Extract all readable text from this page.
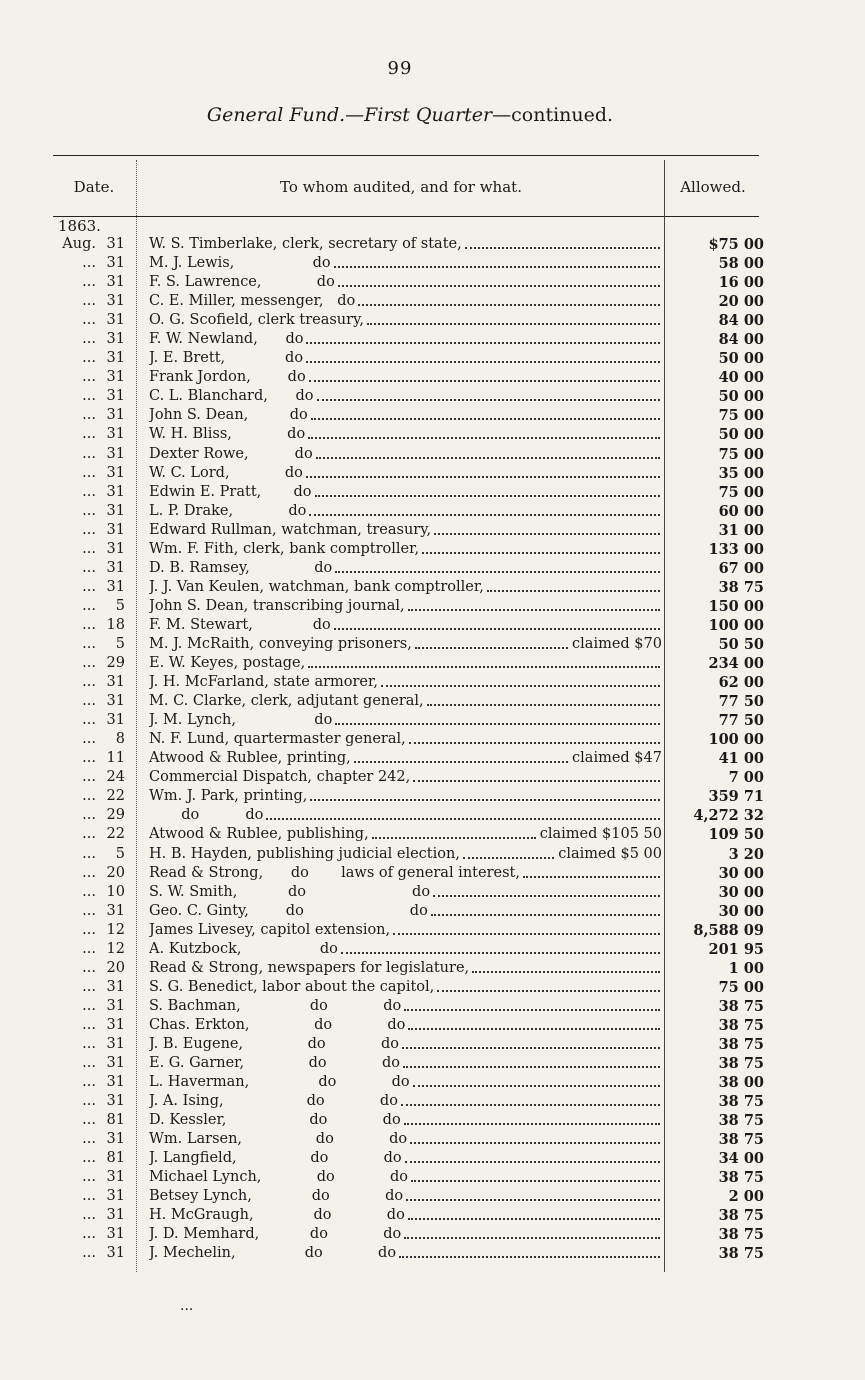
99
General Fund.—First Quarter—continued.
Date.	To whom audited, and for what.	Allowed.
1863.
Aug. 31 W. S. Timberlake, clerk, secretary of state,	$75 00
... 31 M. J. Lewis,                 do	58 00
... 31 F. S. Lawrence,            do	16 00
... 31 C. E. Miller, messenger,   do	20 00
... 31 O. G. Scofield, clerk treasury,	84 00
... 31 F. W. Newland,      do	84 00
... 31 J. E. Brett,             do	50 00
... 31 Frank Jordon,        do	40 00
... 31 C. L. Blanchard,      do	50 00
... 31 John S. Dean,         do	75 00
... 31 W. H. Bliss,            do	50 00
... 31 Dexter Rowe,          do	75 00
... 31 W. C. Lord,            do	35 00
... 31 Edwin E. Pratt,       do	75 00
... 31 L. P. Drake,            do	60 00
... 31 Edward Rullman, watchman, treasury,	31 00
... 31 Wm. F. Fith, clerk, bank comptroller,	133 00
... 31 D. B. Ramsey,              do	67 00
... 31 J. J. Van Keulen, watchman, bank comptroller,	38 75
...	5 John S. Dean, transcribing journal,	150 00
... 18 F. M. Stewart,             do	100 00
...	5 M. J. McRaith, conveying prisoners,	claimed $70	50 50
... 29 E. W. Keyes, postage,	234 00
... 31 J. H. McFarland, state armorer,	62 00
... 31 M. C. Clarke, clerk, adjutant general,	77 50
... 31 J. M. Lynch,                 do	77 50
...	8 N. F. Lund, quartermaster general,	100 00
... 11 Atwood & Rublee, printing,	claimed $47	41 00
... 24 Commercial Dispatch, chapter 242,	7 00
... 22 Wm. J. Park, printing,	359 71
... 29 do          do	4,272 32
... 22 Atwood & Rublee, publishing,	claimed $105 50	109 50
...	5 H. B. Hayden, publishing judicial election,	claimed $5 00	3 20
... 20 Read & Strong,      do       laws of general interest,	30 00
... 10 S. W. Smith,           do                       do	30 00
... 31 Geo. C. Ginty,        do                       do	30 00
... 12 James Livesey, capitol extension,	8,588 09
... 12 A. Kutzbock,                 do	201 95
... 20 Read & Strong, newspapers for legislature,	1 00
... 31 S. G. Benedict, labor about the capitol,	75 00
... 31 S. Bachman,               do            do	38 75
... 31 Chas. Erkton,              do            do	38 75
... 31 J. B. Eugene,              do            do	38 75
... 31 E. G. Garner,              do            do	38 75
... 31 L. Haverman,               do            do	38 00
... 31 J. A. Ising,                  do            do	38 75
... 81 D. Kessler,                  do            do	38 75
... 31 Wm. Larsen,                do            do	38 75
... 81 J. Langfield,                do            do	34 00
... 31 Michael Lynch,            do            do	38 75
... 31 Betsey Lynch,             do            do	2 00
... 31 H. McGraugh,             do            do	38 75
... 31 J. D. Memhard,           do            do	38 75
... 31 J. Mechelin,               do            do	38 75
...
